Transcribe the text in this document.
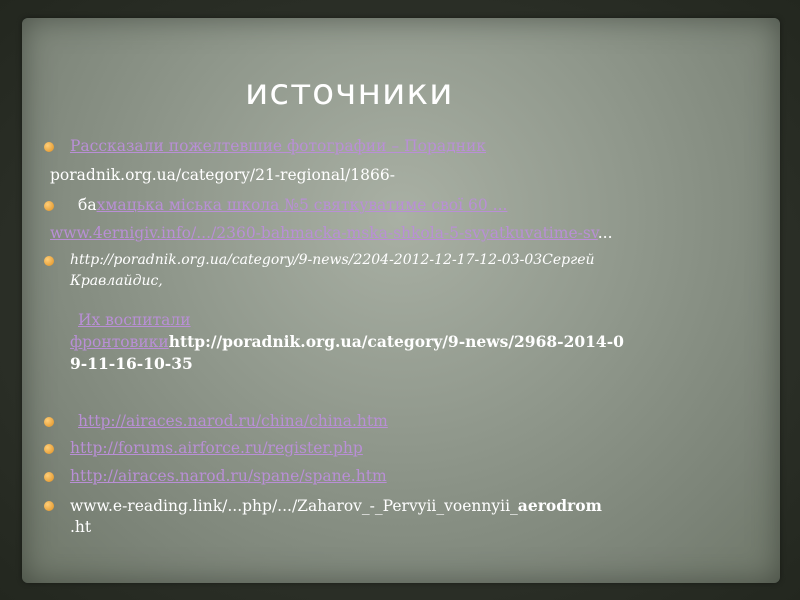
источники
Рассказали пожелтевшие фотографии – Порадник
poradnik.org.ua/category/21-regional/1866-
бахмацька міська школа №5 святкуватиме свої 60 ...
www.4ernigiv.info/.../2360-bahmacka-mska-shkola-5-svyatkuvatime-sv...
http://poradnik.org.ua/category/9-news/2204-2012-12-17-12-03-03Сергей
Кравлайдис,
Их воспитали
фронтовикиhttp://poradnik.org.ua/category/9-news/2968-2014-0
9-11-16-10-35
http://airaces.narod.ru/china/china.htm
http://forums.airforce.ru/register.php
http://airaces.narod.ru/spane/spane.htm
www.e-reading.link/...php/.../Zaharov_-_Pervyii_voennyii_aerodrom
.ht
